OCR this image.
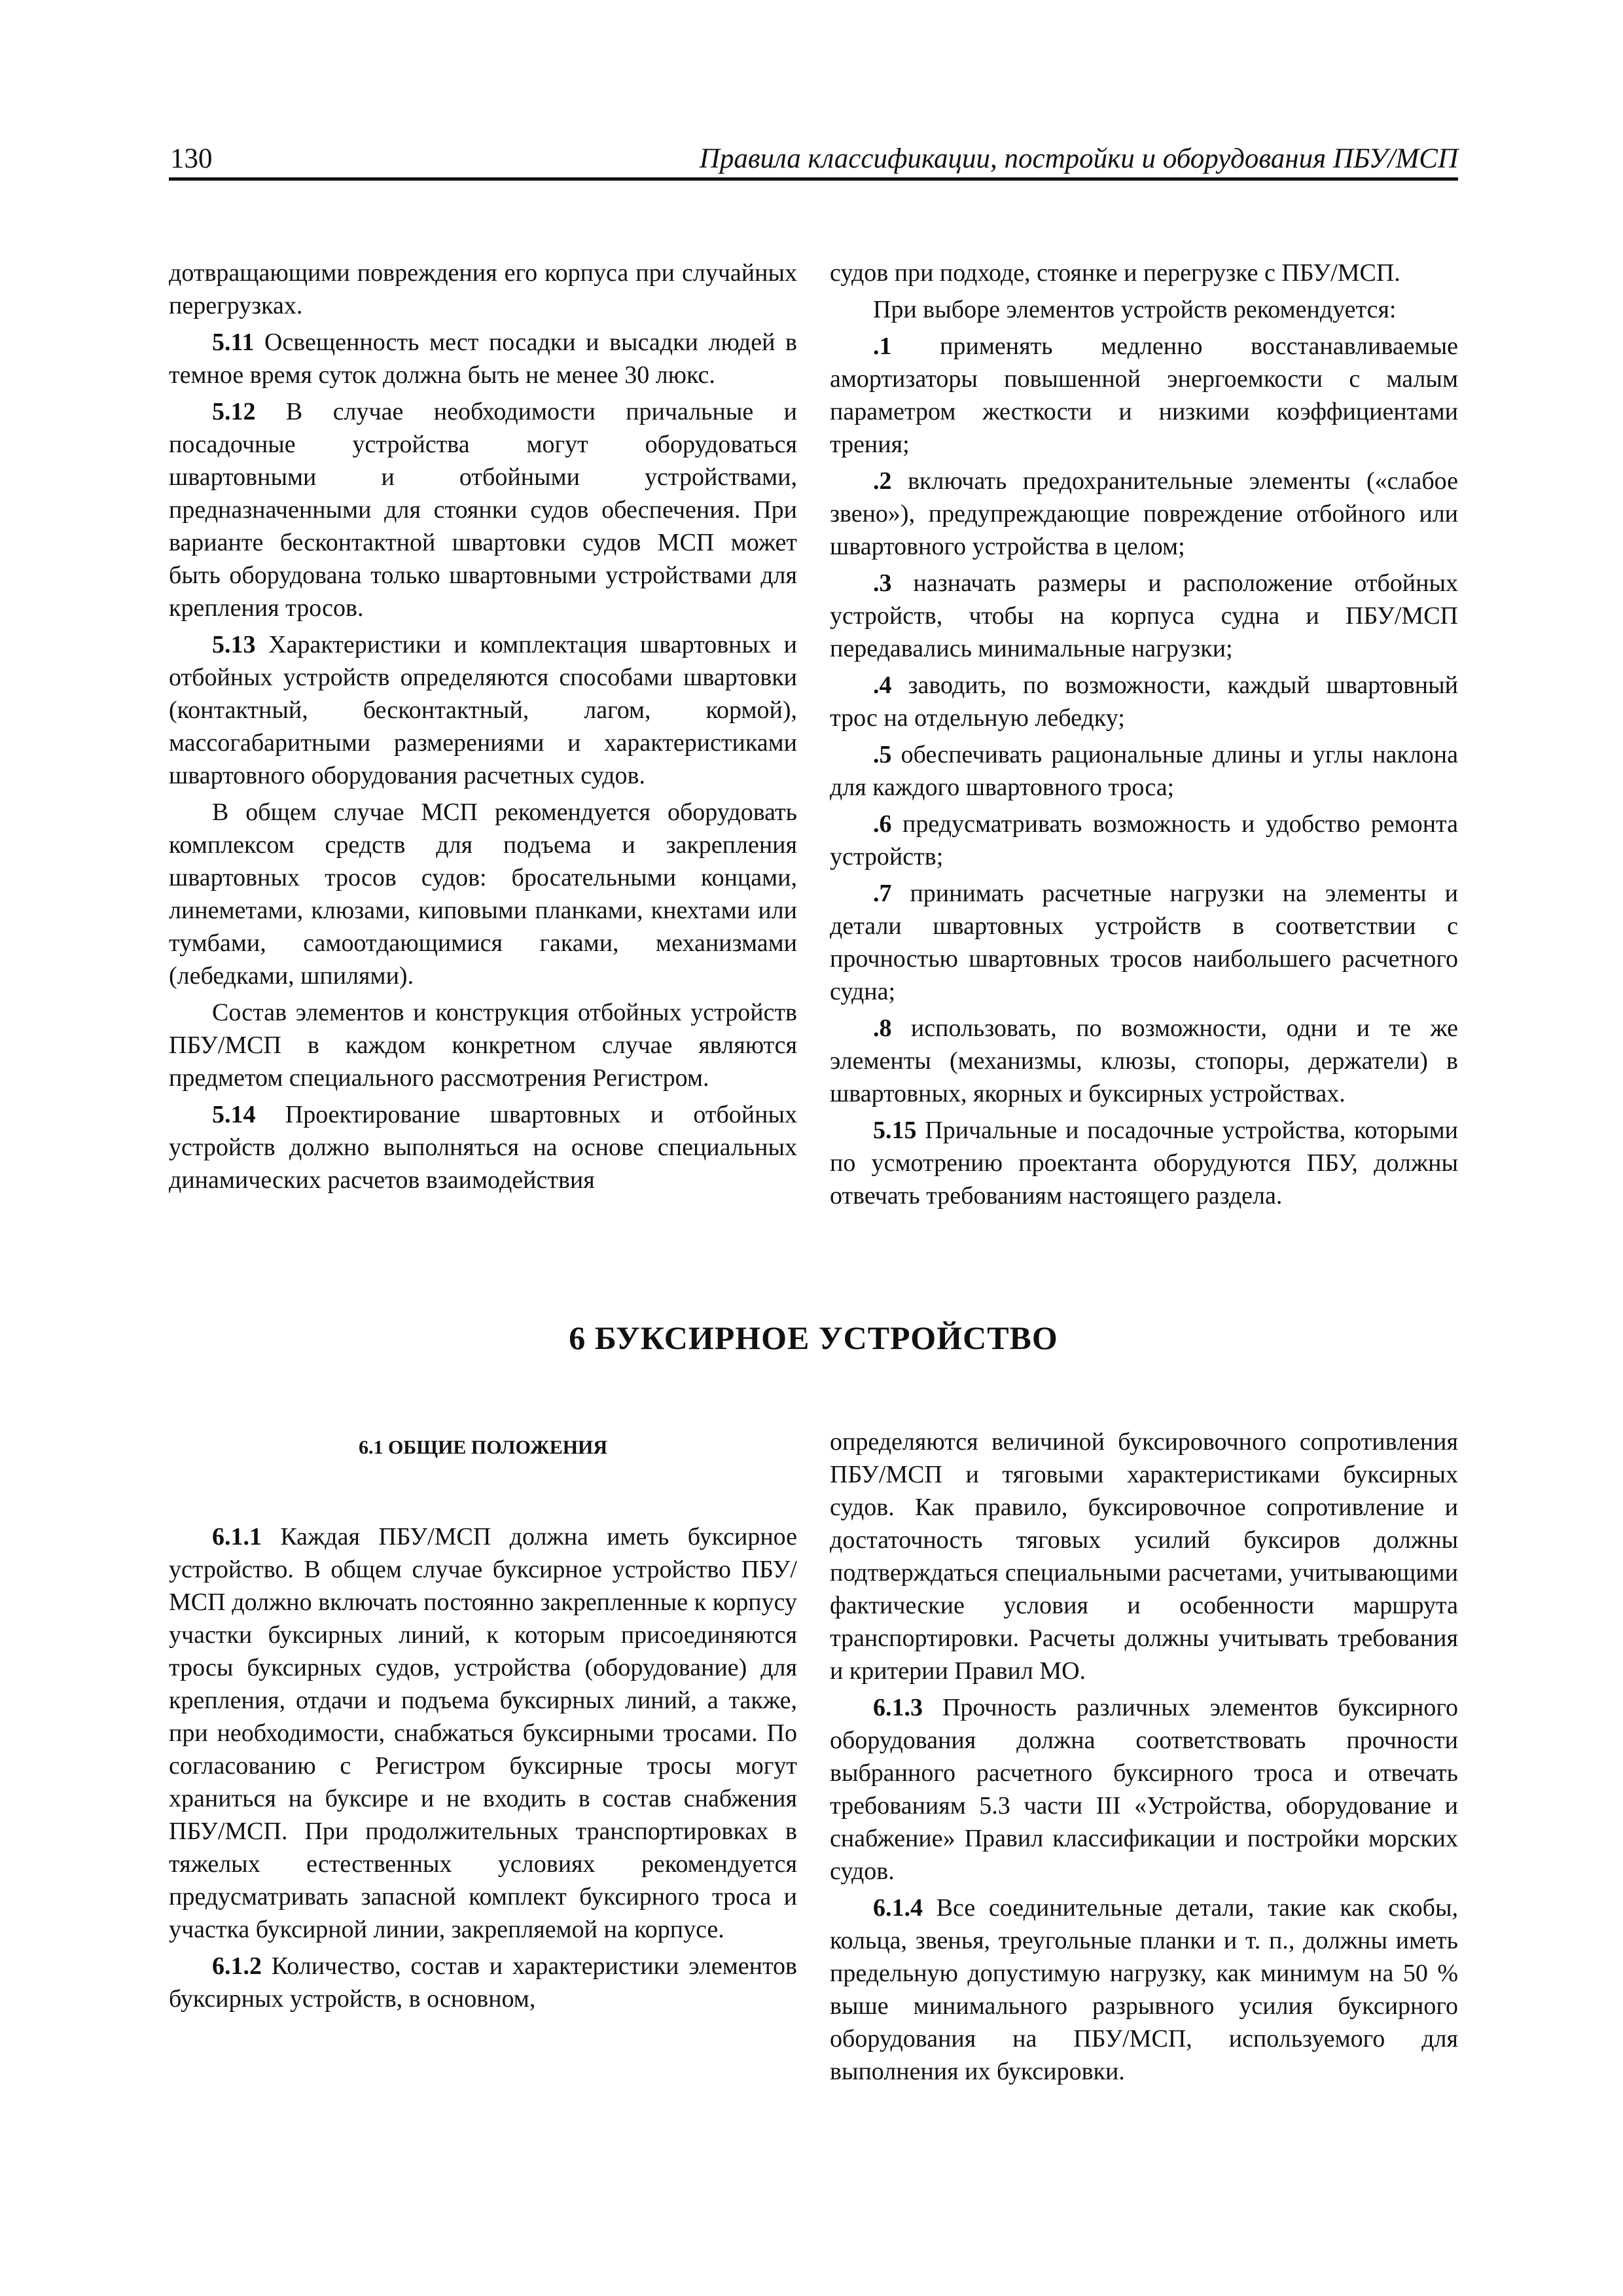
130	Правила классификации, постройки и оборудования ПБУ/МСП

дотвращающими повреждения его корпуса при случайных перегрузках.

5.11 Освещенность мест посадки и высадки людей в темное время суток должна быть не менее 30 люкс.

5.12 В случае необходимости причальные и посадочные устройства могут оборудоваться швартовными и отбойными устройствами, предназначенными для стоянки судов обеспечения. При варианте бесконтактной швартовки судов МСП может быть оборудована только швартовными устройствами для крепления тросов.

5.13 Характеристики и комплектация швартовных и отбойных устройств определяются способами швартовки (контактный, бесконтактный, лагом, кормой), массогабаритными размерениями и характеристиками швартовного оборудования расчетных судов.

В общем случае МСП рекомендуется оборудовать комплексом средств для подъема и закрепления швартовных тросов судов: бросательными концами, линеметами, клюзами, киповыми планками, кнехтами или тумбами, самоотдающимися гаками, механизмами (лебедками, шпилями).

Состав элементов и конструкция отбойных устройств ПБУ/МСП в каждом конкретном случае являются предметом специального рассмотрения Регистром.

5.14 Проектирование швартовных и отбойных устройств должно выполняться на основе специальных динамических расчетов взаимодействия

судов при подходе, стоянке и перегрузке с ПБУ/МСП.

При выборе элементов устройств рекомендуется:

.1 применять медленно восстанавливаемые амортизаторы повышенной энергоемкости с малым параметром жесткости и низкими коэффициентами трения;

.2 включать предохранительные элементы («слабое звено»), предупреждающие повреждение отбойного или швартовного устройства в целом;

.3 назначать размеры и расположение отбойных устройств, чтобы на корпуса судна и ПБУ/МСП передавались минимальные нагрузки;

.4 заводить, по возможности, каждый швартовный трос на отдельную лебедку;

.5 обеспечивать рациональные длины и углы наклона для каждого швартовного троса;

.6 предусматривать возможность и удобство ремонта устройств;

.7 принимать расчетные нагрузки на элементы и детали швартовных устройств в соответствии с прочностью швартовных тросов наибольшего расчетного судна;

.8 использовать, по возможности, одни и те же элементы (механизмы, клюзы, стопоры, держатели) в швартовных, якорных и буксирных устройствах.

5.15 Причальные и посадочные устройства, которыми по усмотрению проектанта оборудуются ПБУ, должны отвечать требованиям настоящего раздела.

6 БУКСИРНОЕ УСТРОЙСТВО
6.1 ОБЩИЕ ПОЛОЖЕНИЯ

6.1.1 Каждая ПБУ/МСП должна иметь буксирное устройство. В общем случае буксирное устройство ПБУ/МСП должно включать постоянно закрепленные к корпусу участки буксирных линий, к которым присоединяются тросы буксирных судов, устройства (оборудование) для крепления, отдачи и подъема буксирных линий, а также, при необходимости, снабжаться буксирными тросами. По согласованию с Регистром буксирные тросы могут храниться на буксире и не входить в состав снабжения ПБУ/МСП. При продолжительных транспортировках в тяжелых естественных условиях рекомендуется предусматривать запасной комплект буксирного троса и участка буксирной линии, закрепляемой на корпусе.

6.1.2 Количество, состав и характеристики элементов буксирных устройств, в основном,

определяются величиной буксировочного сопротивления ПБУ/МСП и тяговыми характеристиками буксирных судов. Как правило, буксировочное сопротивление и достаточность тяговых усилий буксиров должны подтверждаться специальными расчетами, учитывающими фактические условия и особенности маршрута транспортировки. Расчеты должны учитывать требования и критерии Правил МО.

6.1.3 Прочность различных элементов буксирного оборудования должна соответствовать прочности выбранного расчетного буксирного троса и отвечать требованиям 5.3 части III «Устройства, оборудование и снабжение» Правил классификации и постройки морских судов.

6.1.4 Все соединительные детали, такие как скобы, кольца, звенья, треугольные планки и т. п., должны иметь предельную допустимую нагрузку, как минимум на 50 % выше минимального разрывного усилия буксирного оборудования на ПБУ/МСП, используемого для выполнения их буксировки.
